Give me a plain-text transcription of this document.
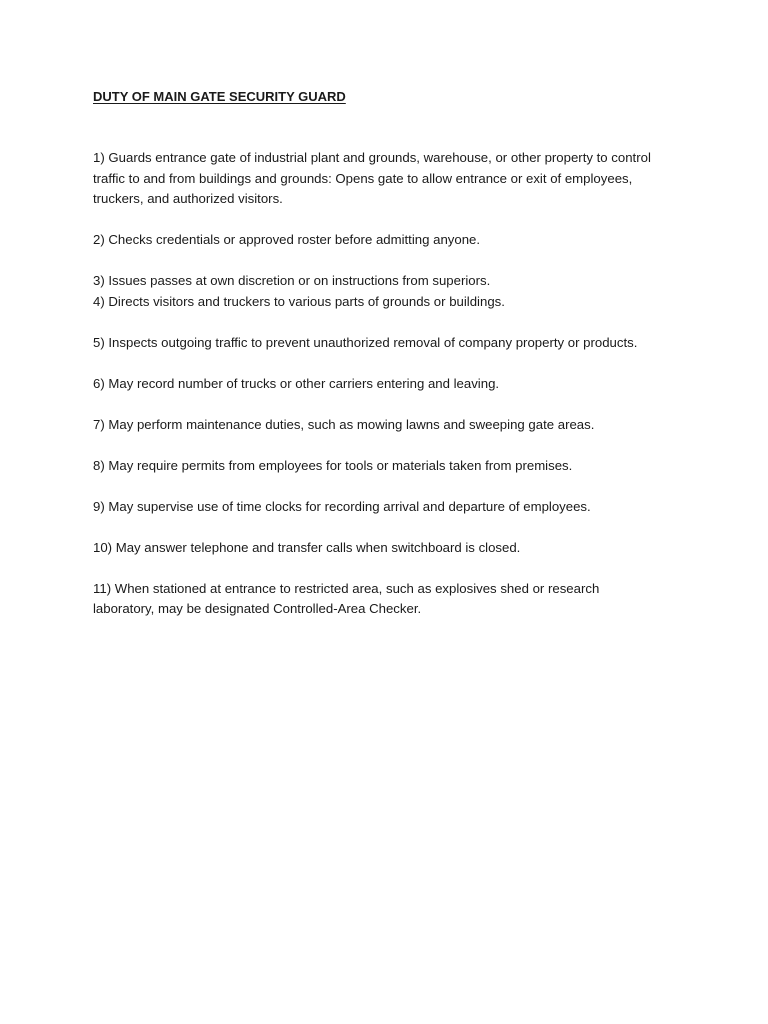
DUTY OF MAIN GATE SECURITY GUARD
1) Guards entrance gate of industrial plant and grounds, warehouse, or other property to control traffic to and from buildings and grounds: Opens gate to allow entrance or exit of employees, truckers, and authorized visitors.
2) Checks credentials or approved roster before admitting anyone.
3) Issues passes at own discretion or on instructions from superiors.
4) Directs visitors and truckers to various parts of grounds or buildings.
5) Inspects outgoing traffic to prevent unauthorized removal of company property or products.
6) May record number of trucks or other carriers entering and leaving.
7) May perform maintenance duties, such as mowing lawns and sweeping gate areas.
8) May require permits from employees for tools or materials taken from premises.
9) May supervise use of time clocks for recording arrival and departure of employees.
10) May answer telephone and transfer calls when switchboard is closed.
11) When stationed at entrance to restricted area, such as explosives shed or research laboratory, may be designated Controlled-Area Checker.
